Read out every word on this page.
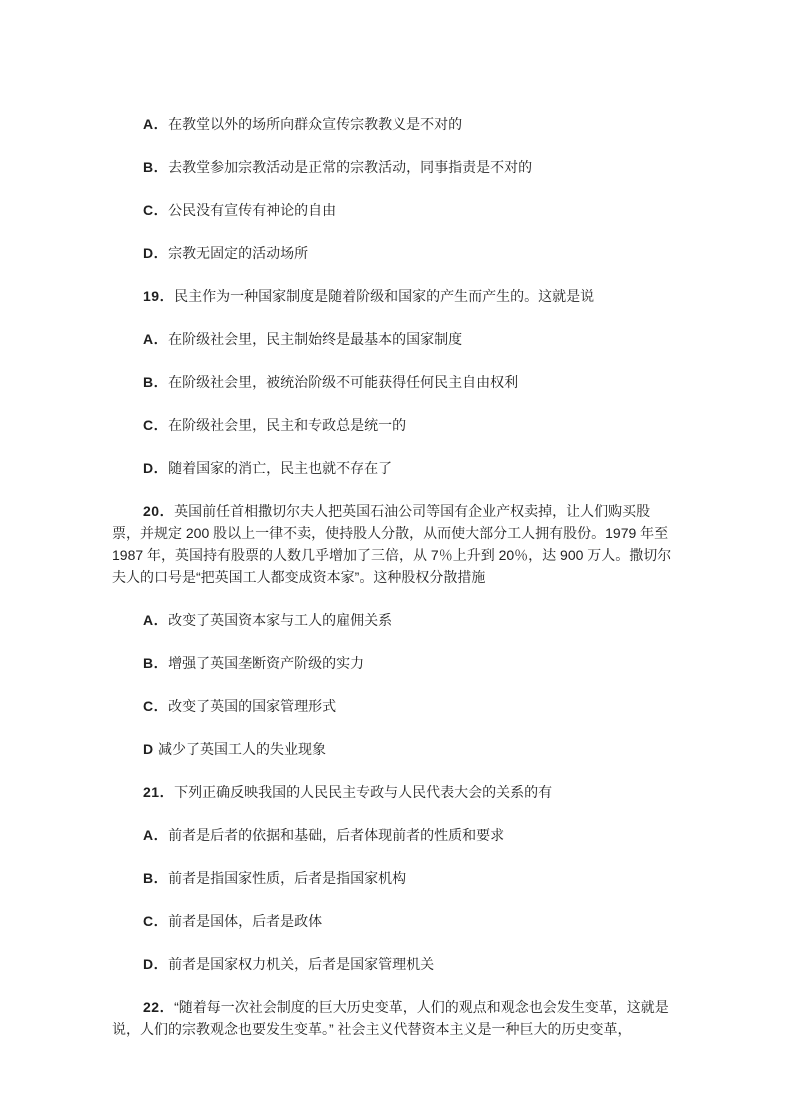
A．在教堂以外的场所向群众宣传宗教教义是不对的

B．去教堂参加宗教活动是正常的宗教活动，同事指责是不对的

C．公民没有宣传有神论的自由

D．宗教无固定的活动场所

19．民主作为一种国家制度是随着阶级和国家的产生而产生的。这就是说

A．在阶级社会里，民主制始终是最基本的国家制度

B．在阶级社会里，被统治阶级不可能获得任何民主自由权利

C．在阶级社会里，民主和专政总是统一的

D．随着国家的消亡，民主也就不存在了

20．英国前任首相撒切尔夫人把英国石油公司等国有企业产权卖掉，让人们购买股票，并规定 200 股以上一律不卖，使持股人分散，从而使大部分工人拥有股份。1979 年至 1987 年，英国持有股票的人数几乎增加了三倍，从 7％上升到 20％，达 900 万人。撒切尔夫人的口号是“把英国工人都变成资本家”。这种股权分散措施

A．改变了英国资本家与工人的雇佣关系

B．增强了英国垄断资产阶级的实力

C．改变了英国的国家管理形式

D 减少了英国工人的失业现象

21．下列正确反映我国的人民民主专政与人民代表大会的关系的有

A．前者是后者的依据和基础，后者体现前者的性质和要求

B．前者是指国家性质，后者是指国家机构

C．前者是国体，后者是政体

D．前者是国家权力机关，后者是国家管理机关

22．“随着每一次社会制度的巨大历史变革，人们的观点和观念也会发生变革，这就是说，人们的宗教观念也要发生变革。” 社会主义代替资本主义是一种巨大的历史变革，
